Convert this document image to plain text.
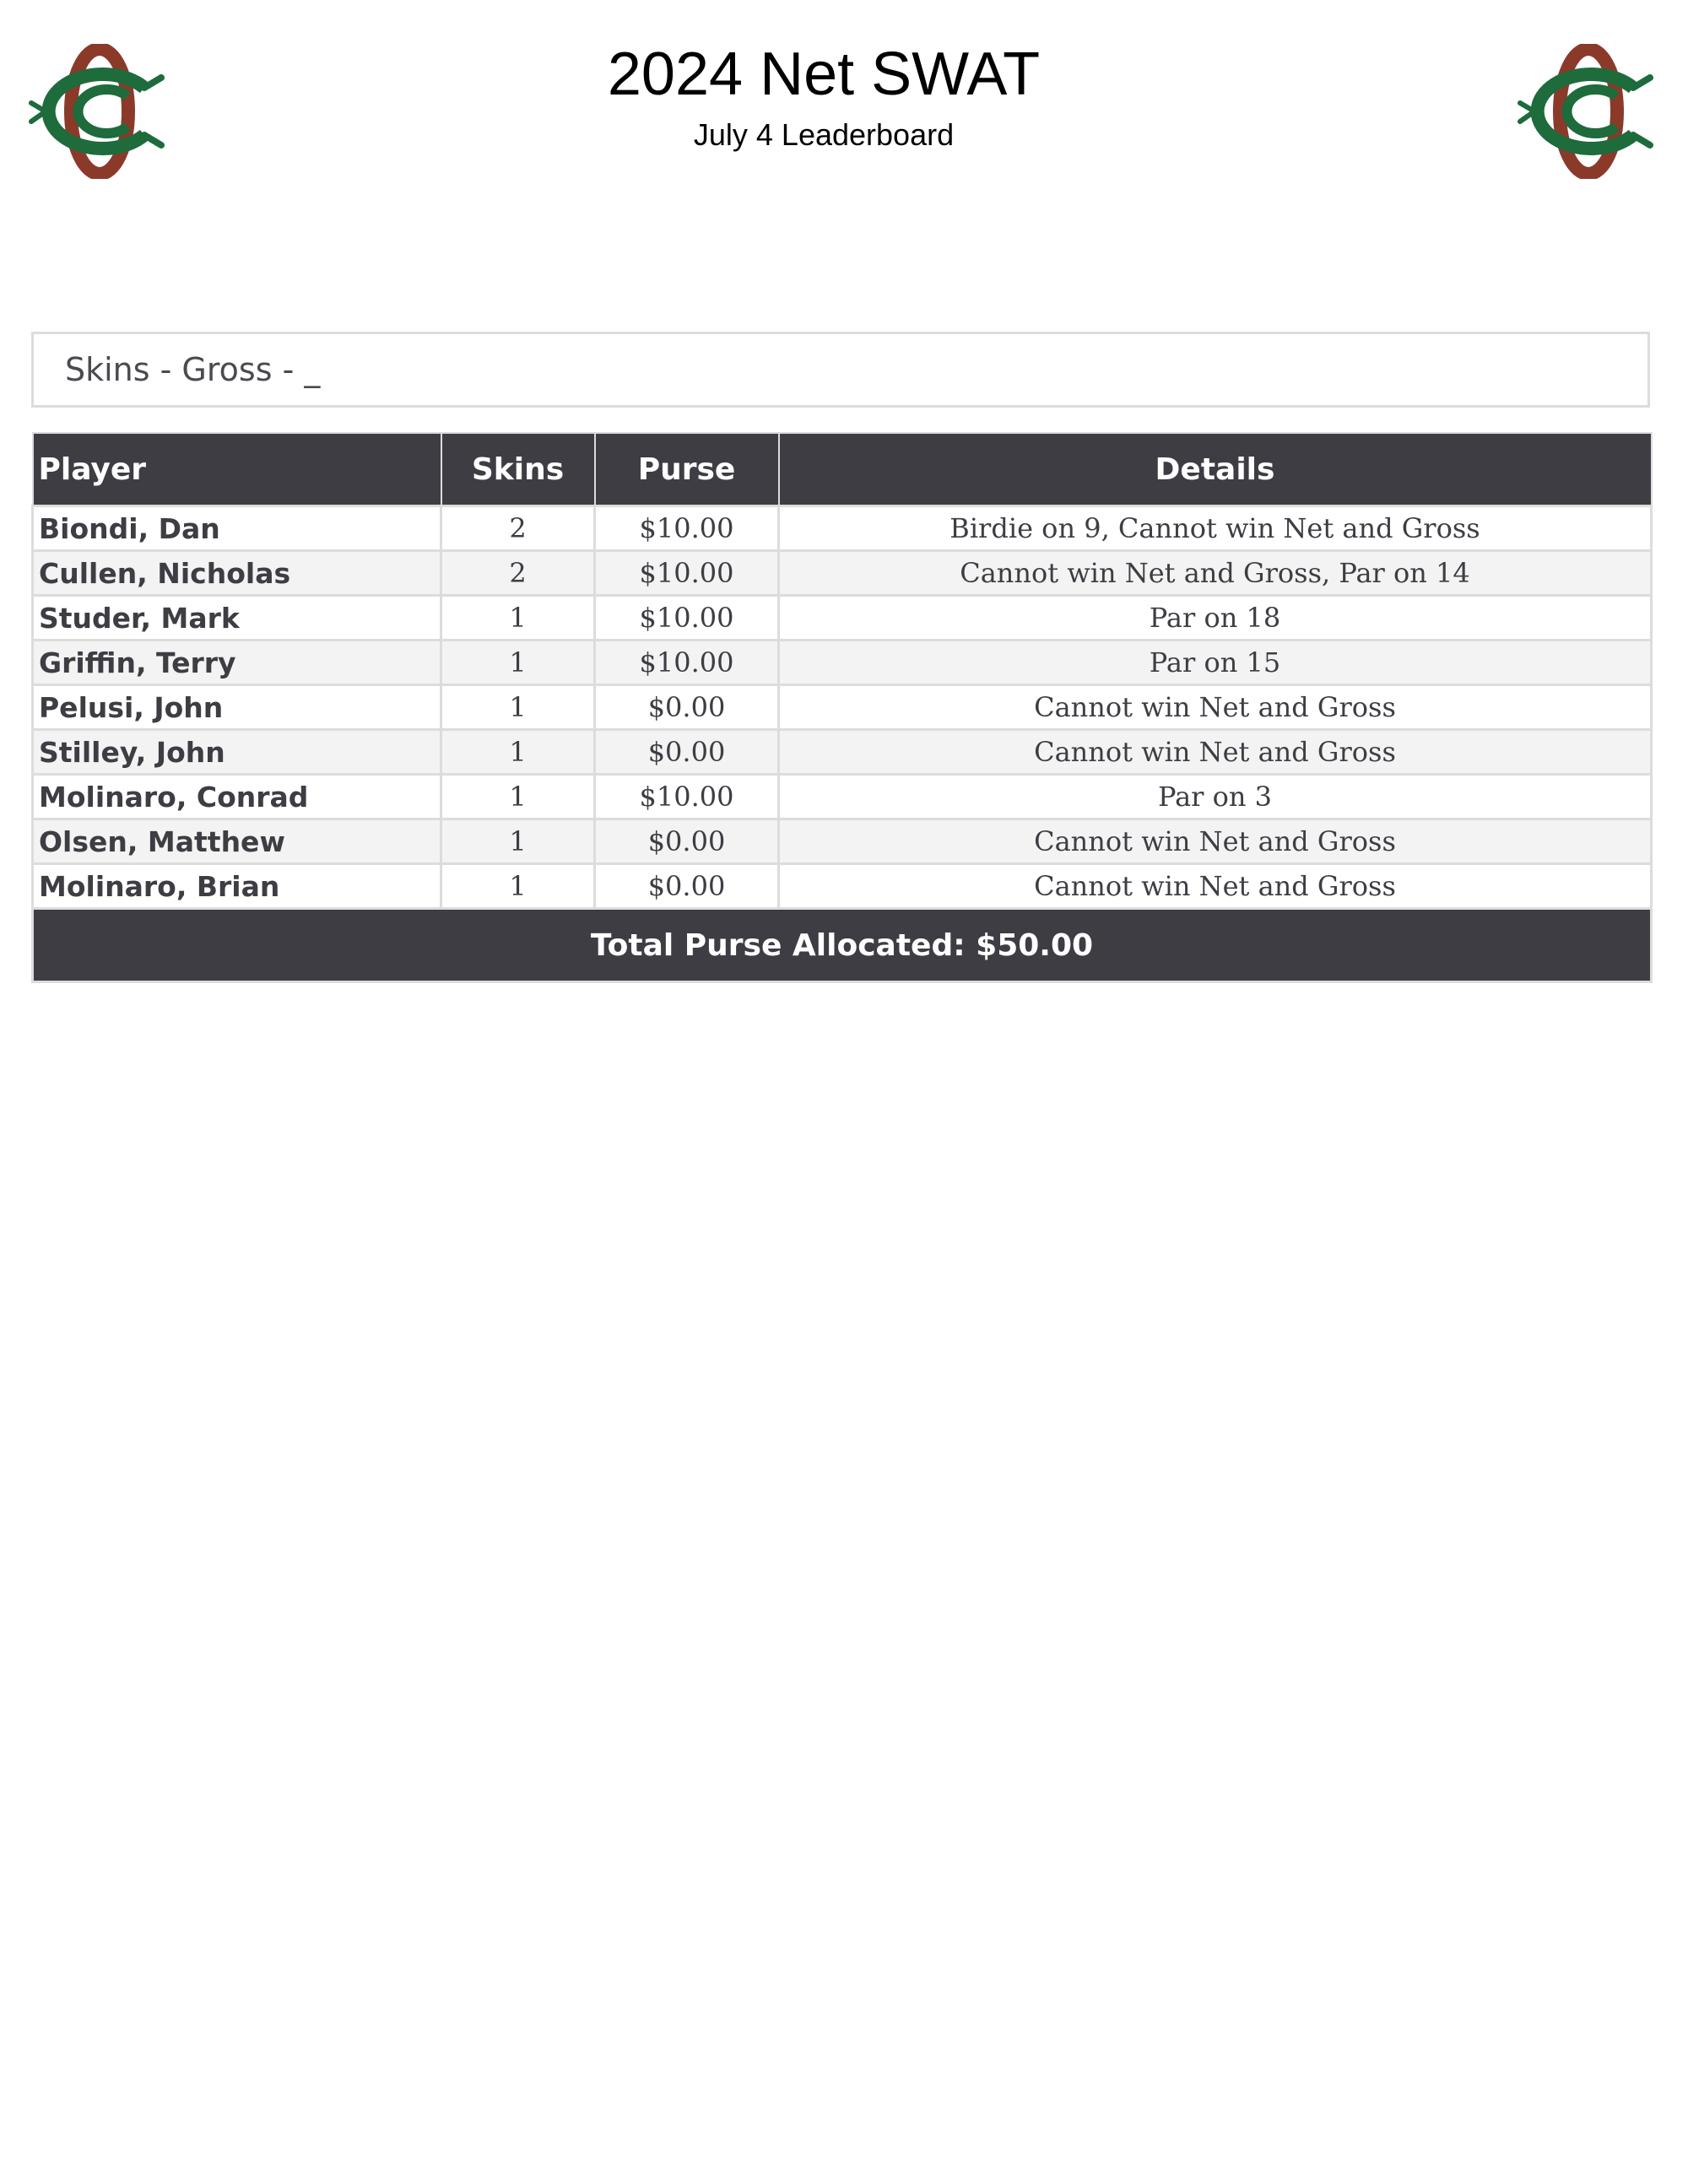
2024 Net SWAT
July 4 Leaderboard
Skins - Gross - _
Player	Skins	Purse	Details
Biondi, Dan	2	$10.00	Birdie on 9, Cannot win Net and Gross
Cullen, Nicholas	2	$10.00	Cannot win Net and Gross, Par on 14
Studer, Mark	1	$10.00	Par on 18
Griffin, Terry	1	$10.00	Par on 15
Pelusi, John	1	$0.00	Cannot win Net and Gross
Stilley, John	1	$0.00	Cannot win Net and Gross
Molinaro, Conrad	1	$10.00	Par on 3
Olsen, Matthew	1	$0.00	Cannot win Net and Gross
Molinaro, Brian	1	$0.00	Cannot win Net and Gross
Total Purse Allocated: $50.00			
